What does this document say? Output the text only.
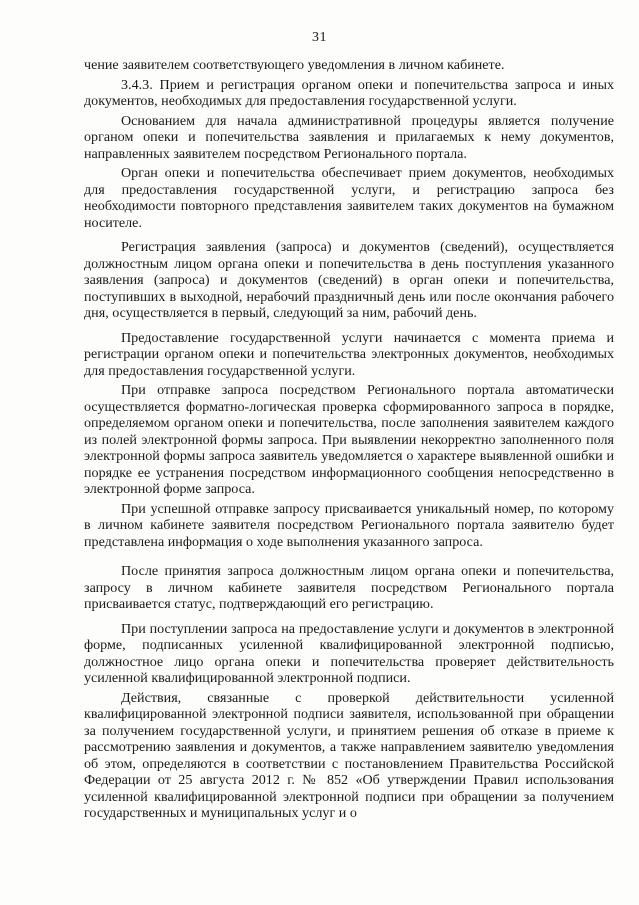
31

чение заявителем соответствующего уведомления в личном кабинете.

3.4.3. Прием и регистрация органом опеки и попечительства запроса и иных документов, необходимых для предоставления государственной услуги.

Основанием для начала административной процедуры является получение органом опеки и попечительства заявления и прилагаемых к нему документов, направленных заявителем посредством Регионального портала.

Орган опеки и попечительства обеспечивает прием документов, необходимых для предоставления государственной услуги, и регистрацию запроса без необходимости повторного представления заявителем таких документов на бумажном носителе.

Регистрация заявления (запроса) и документов (сведений), осуществляется должностным лицом органа опеки и попечительства в день поступления указанного заявления (запроса) и документов (сведений) в орган опеки и попечительства, поступивших в выходной, нерабочий праздничный день или после окончания рабочего дня, осуществляется в первый, следующий за ним, рабочий день.

Предоставление государственной услуги начинается с момента приема и регистрации органом опеки и попечительства электронных документов, необходимых для предоставления государственной услуги.

При отправке запроса посредством Регионального портала автоматически осуществляется форматно-логическая проверка сформированного запроса в порядке, определяемом органом опеки и попечительства, после заполнения заявителем каждого из полей электронной формы запроса. При выявлении некорректно заполненного поля электронной формы запроса заявитель уведомляется о характере выявленной ошибки и порядке ее устранения посредством информационного сообщения непосредственно в электронной форме запроса.

При успешной отправке запросу присваивается уникальный номер, по которому в личном кабинете заявителя посредством Регионального портала заявителю будет представлена информация о ходе выполнения указанного запроса.

После принятия запроса должностным лицом органа опеки и попечительства, запросу в личном кабинете заявителя посредством Регионального портала присваивается статус, подтверждающий его регистрацию.

При поступлении запроса на предоставление услуги и документов в электронной форме, подписанных усиленной квалифицированной электронной подписью, должностное лицо органа опеки и попечительства проверяет действительность усиленной квалифицированной электронной подписи.

Действия, связанные с проверкой действительности усиленной квалифицированной электронной подписи заявителя, использованной при обращении за получением государственной услуги, и принятием решения об отказе в приеме к рассмотрению заявления и документов, а также направлением заявителю уведомления об этом, определяются в соответствии с постановлением Правительства Российской Федерации от 25 августа 2012 г. № 852 «Об утверждении Правил использования усиленной квалифицированной электронной подписи при обращении за получением государственных и муниципальных услуг и о
